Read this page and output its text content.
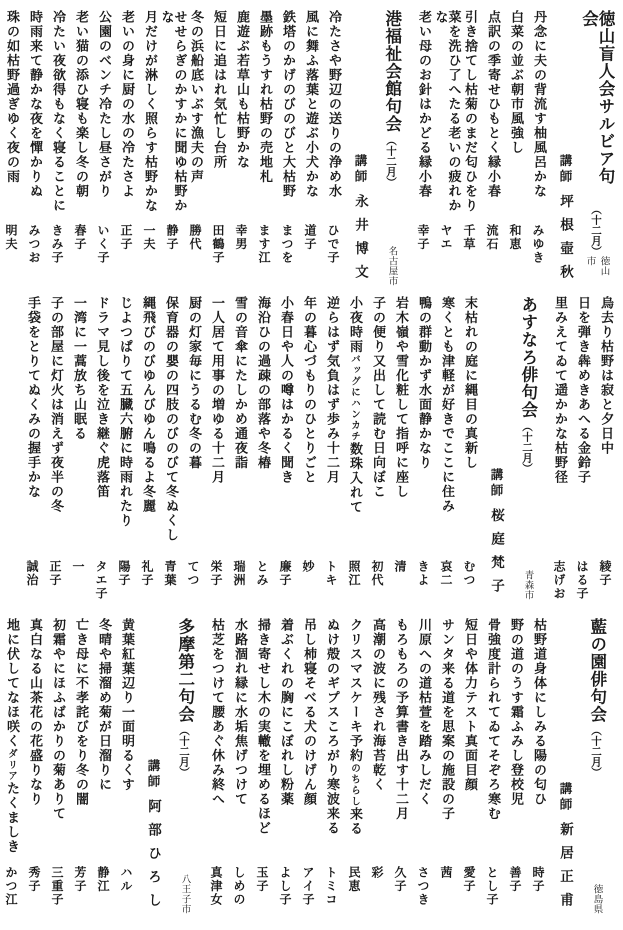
徳山盲人会サルビア句会
（十二月）
徳山市
講師
坪根壺秋
丹念に夫の背流す柚風呂かな
みゆき
白菜の並ぶ朝市風強し
和恵
点訳の季寄せひもとく縁小春
流石
引き捨てし枯菊のまだ匂ひをり
千草
菜を洗ひ了へたる老いの疲れかな
ヤエ
老い母のお針はかどる縁小春
幸子
港福祉会館句会
（十二月）
名古屋市
講師
永井博文
冷たさや野辺の送りの浄め水
ひで子
風に舞ふ落葉と遊ぶ小犬かな
道子
鉄塔のかげのびのびと大枯野
まつを
墨跡もうすれ枯野の売地札
ます江
鹿遊ぶ若草山も枯野かな
幸男
短日に追はれ気忙し台所
田鶴子
冬の浜船底いぶす漁夫の声
勝代
せせらぎのかすかに聞ゆ枯野かな
静子
月だけが淋しく照らす枯野かな
一夫
老いの身に厨の水の冷たさよ
正子
公園のベンチ冷たし昼さがり
いく子
老い猫の添ひ寝も楽し冬の朝
春子
冷たい夜欲得もなく寝ることに
きみ子
時雨来て静かな夜を憚かりぬ
みつお
珠の如枯野過ぎゆく夜の雨
明夫
烏去り枯野は寂と夕日中
綾子
日を弾き犇めきあへる金鈴子
はる子
里みえてゐて遥かかな枯野径
志げお
あすなろ俳句会
（十二月）
青森市
講師
桜庭梵子
末枯れの庭に縄目の真新し
むつ
寒くとも津軽が好きでここに住み
哀二
鴨の群動かず水面静かなり
きよ
岩木嶺や雪化粧して指呼に座し
清
子の便り又出して読む日向ぼこ
初代
小夜時雨バッグにハンカチ数珠入れて
照江
逆らはず気負はず歩み十二月
トキ
年の暮心づもりのひとりごと
妙
小春日や人の噂はかるく聞き
廉子
海沿ひの過疎の部落や冬椿
とみ
雪の音傘にたしかめ通夜詣
瑞洲
一人居て用事の増ゆる十二月
栄子
厨の灯家毎にうるむ冬の暮
てつ
保育器の嬰の四肢のびのびて冬ぬくし
青葉
縄飛びのびゆんびゆん鳴るよ冬麗
礼子
じよつぱりて五臓六腑に時雨れたり
陽子
ドラマ見し後を泣き継ぐ虎落笛
タエ子
一湾に一蒿放ち山眠る
一
子の部屋に灯火は消えず夜半の冬
正子
手袋をとりてぬくみの握手かな
誠治
藍の園俳句会
（十二月）
徳島県
講師
新居正甫
枯野道身体にしみる陽の匂ひ
時子
野の道のうす霜ふみし登校児
善子
骨強度計られてゐてそぞろ寒む
とし子
短日や体力テスト真面目顔
愛子
サンタ来る道を思案の施設の子
茜
川原への道枯萱を踏みしだく
さつき
もろもろの予算書き出す十二月
久子
高潮の波に残され海苔乾く
彩
クリスマスケーキ予約のちらし来る
民恵
ぬけ殻のギプスころがり寒波来る
トミコ
吊し柿寝そべる犬のけげん顔
アイ子
着ぶくれの胸にこぼれし粉薬
よし子
掃き寄せし木の実轍を埋めるほど
玉子
水路涸れ縁に水垢焦げつけて
しめの
枯芝をつけて腰あぐ休み終へ
真津女
多摩第二句会
（十二月）
八王子市
講師
阿部ひろし
黄葉紅葉辺り一面明るくす
ハル
冬晴や掃溜め菊が日溜りに
静江
亡き母に不孝詫びをり冬の闇
芳子
初霜やにほふばかりの菊ありて
三重子
真白なる山茶花の花盛りなり
秀子
地に伏してなほ咲くダリアたくましき
かつ江
